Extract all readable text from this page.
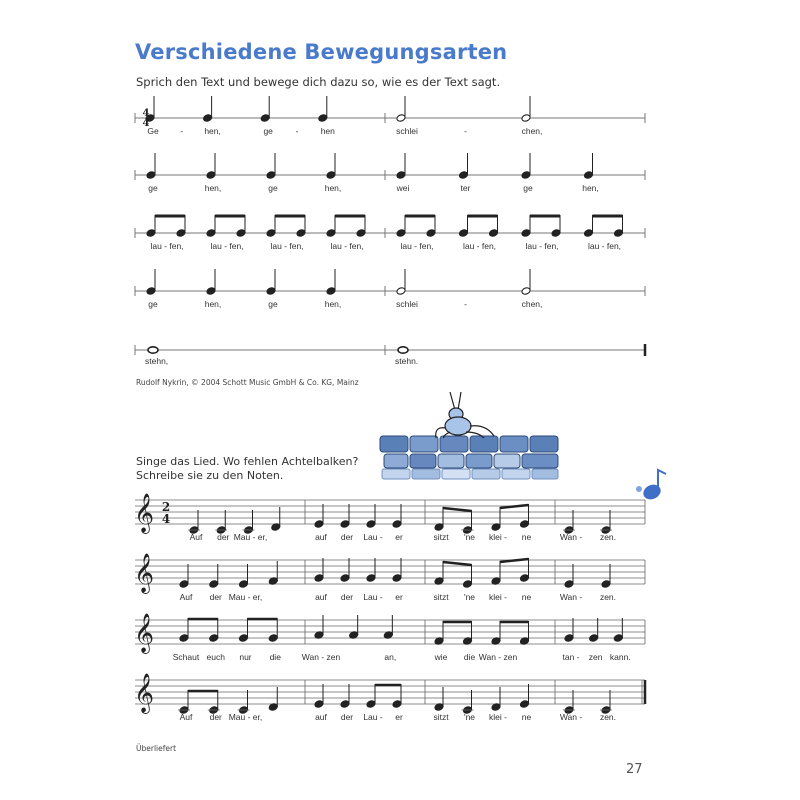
Verschiedene Bewegungsarten
Sprich den Text und bewege dich dazu so, wie es der Text sagt.
Rudolf Nykrin, © 2004 Schott Music GmbH & Co. KG, Mainz
Singe das Lied. Wo fehlen Achtelbalken?
Schreibe sie zu den Noten.
Überliefert
27
4
4
Ge	- hen,	ge	-	hen	schlei	-	chen,
ge	hen,	ge	hen,	wei	ter	ge	hen,
lau - fen,	lau - fen,	lau - fen,	lau - fen,	lau - fen,	lau - fen,	lau - fen,	lau - fen,
ge	hen,	ge	hen,	schlei	-	chen,
stehn,	stehn.
𝄞 2
4
Auf der Mau - er,	auf der Lau - er	sitzt 'ne klei - ne	Wan - zen.
𝄞
Auf der Mau - er,	auf der Lau - er	sitzt 'ne klei - ne	Wan - zen.
𝄞
Schaut euch nur die Wan - zen	an,	wie die Wan - zen	tan - zen kann.
𝄞
Auf der Mau - er,	auf der Lau - er	sitzt 'ne klei - ne	Wan - zen.
